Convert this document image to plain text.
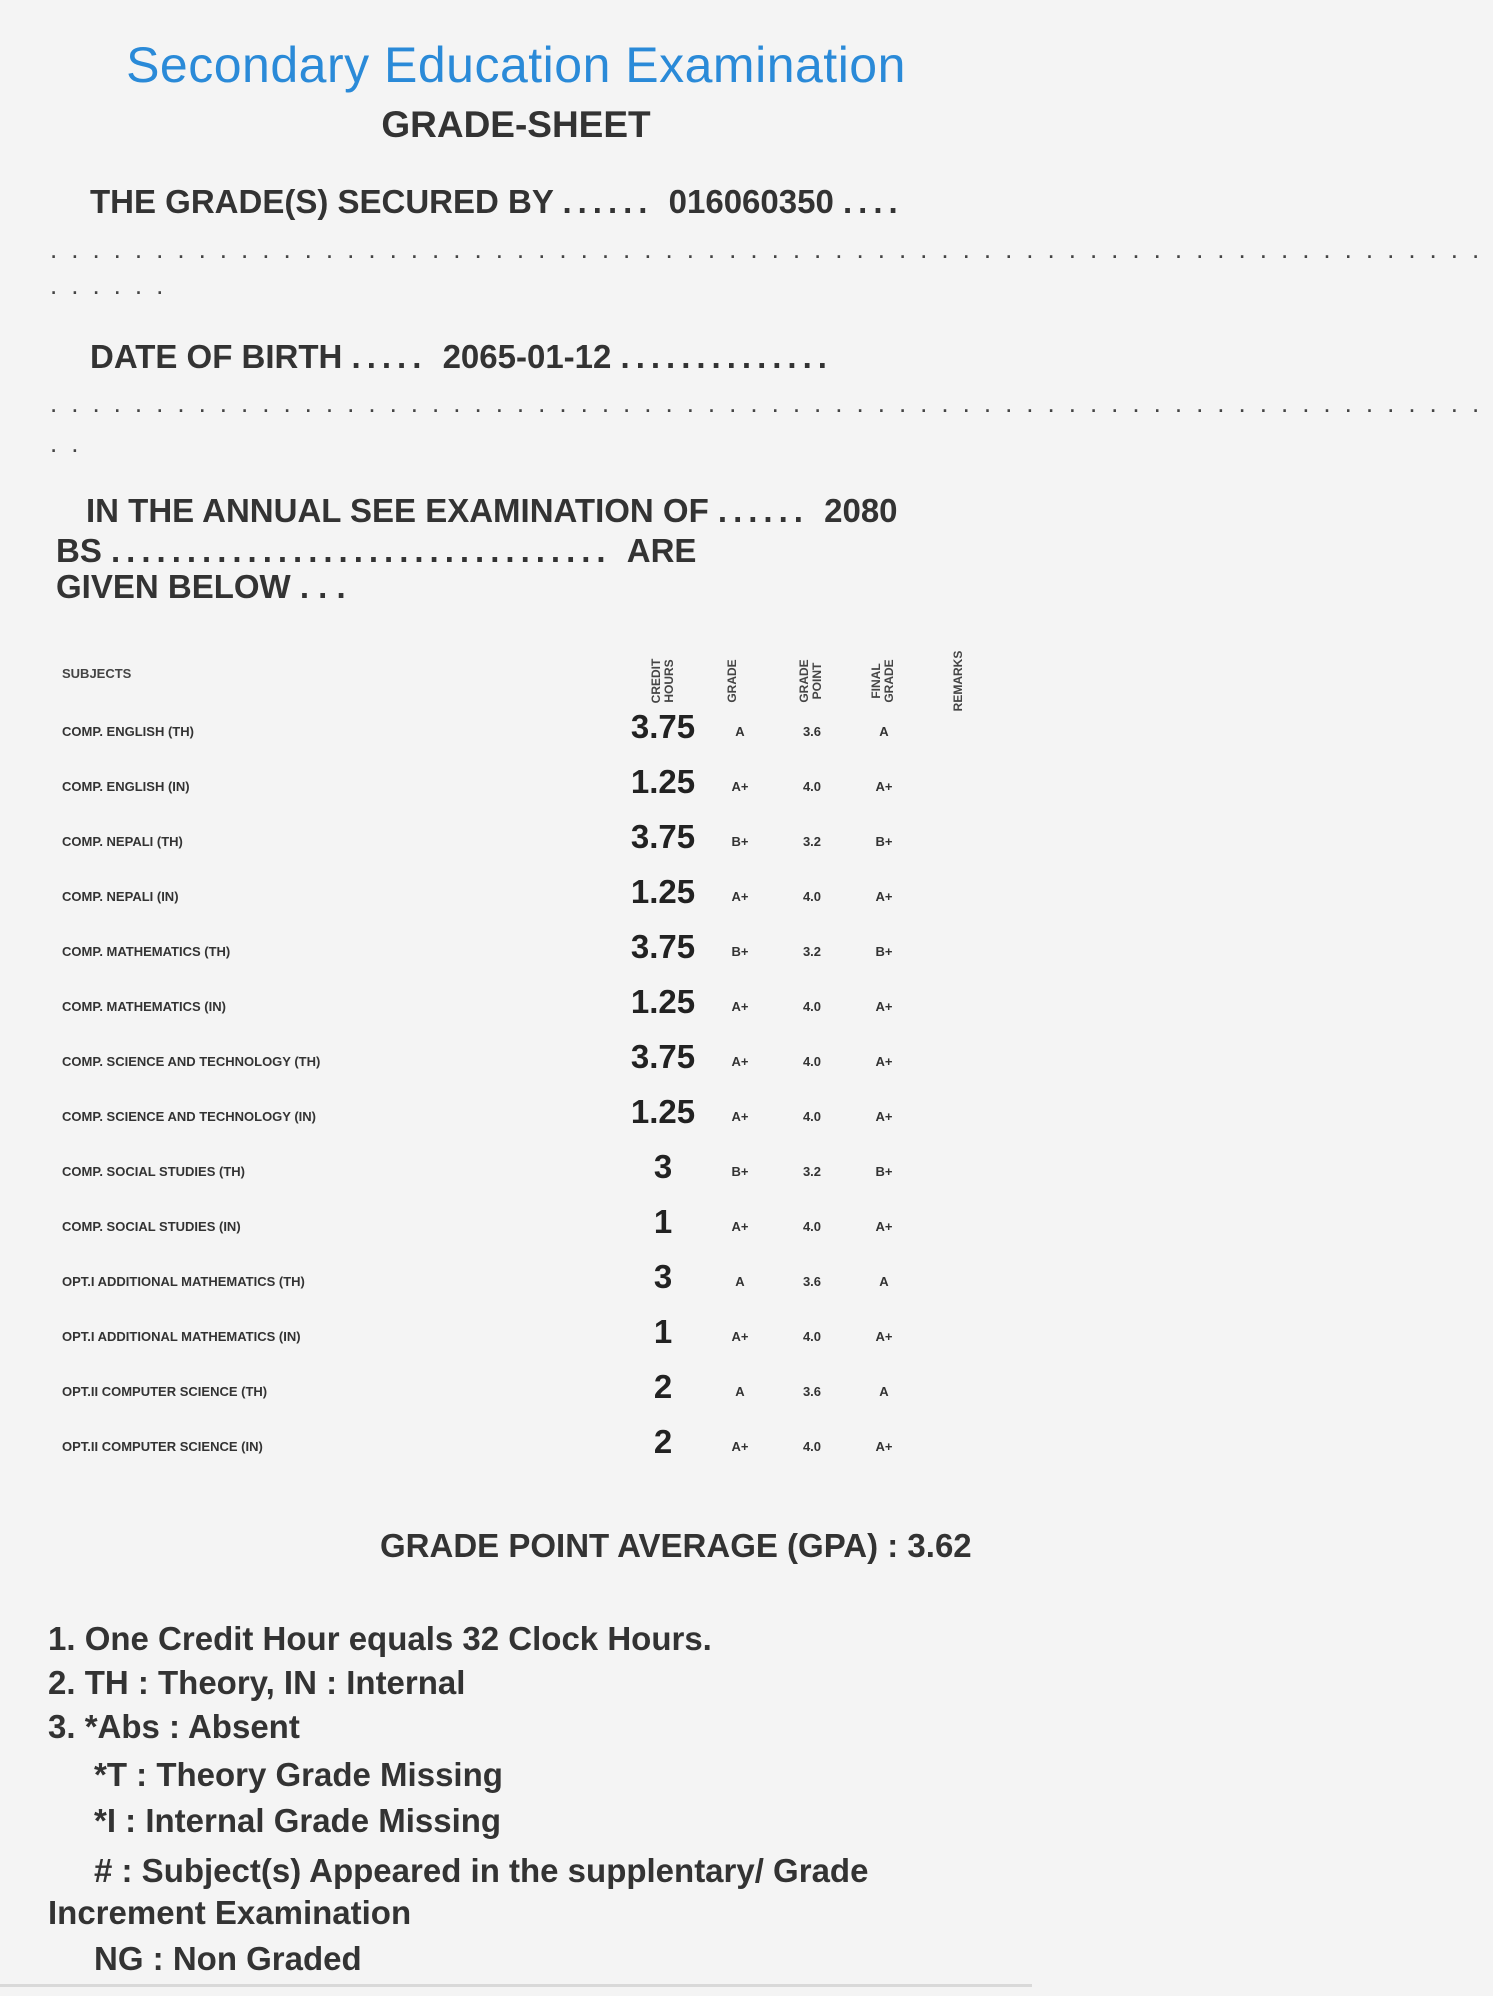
Secondary Education Examination
GRADE-SHEET
THE GRADE(S) SECURED BY ...... 016060350 ....
....................................................................
......
DATE OF BIRTH ..... 2065-01-12 ..............
....................................................................
..
IN THE ANNUAL SEE EXAMINATION OF ...... 2080
BS ................................. ARE
GIVEN BELOW . . .
SUBJECTS	CREDIT HOURS	GRADE	GRADE POINT	FINAL GRADE	REMARKS
COMP. ENGLISH (TH)	3.75	A	3.6	A
COMP. ENGLISH (IN)	1.25	A+	4.0	A+
COMP. NEPALI (TH)	3.75	B+	3.2	B+
COMP. NEPALI (IN)	1.25	A+	4.0	A+
COMP. MATHEMATICS (TH)	3.75	B+	3.2	B+
COMP. MATHEMATICS (IN)	1.25	A+	4.0	A+
COMP. SCIENCE AND TECHNOLOGY (TH)	3.75	A+	4.0	A+
COMP. SCIENCE AND TECHNOLOGY (IN)	1.25	A+	4.0	A+
COMP. SOCIAL STUDIES (TH)	3	B+	3.2	B+
COMP. SOCIAL STUDIES (IN)	1	A+	4.0	A+
OPT.I ADDITIONAL MATHEMATICS (TH)	3	A	3.6	A
OPT.I ADDITIONAL MATHEMATICS (IN)	1	A+	4.0	A+
OPT.II COMPUTER SCIENCE (TH)	2	A	3.6	A
OPT.II COMPUTER SCIENCE (IN)	2	A+	4.0	A+
GRADE POINT AVERAGE (GPA) : 3.62
1. One Credit Hour equals 32 Clock Hours.
2. TH : Theory, IN : Internal
3. *Abs : Absent
*T : Theory Grade Missing
*I : Internal Grade Missing
# : Subject(s) Appeared in the supplentary/ Grade
Increment Examination
NG : Non Graded
